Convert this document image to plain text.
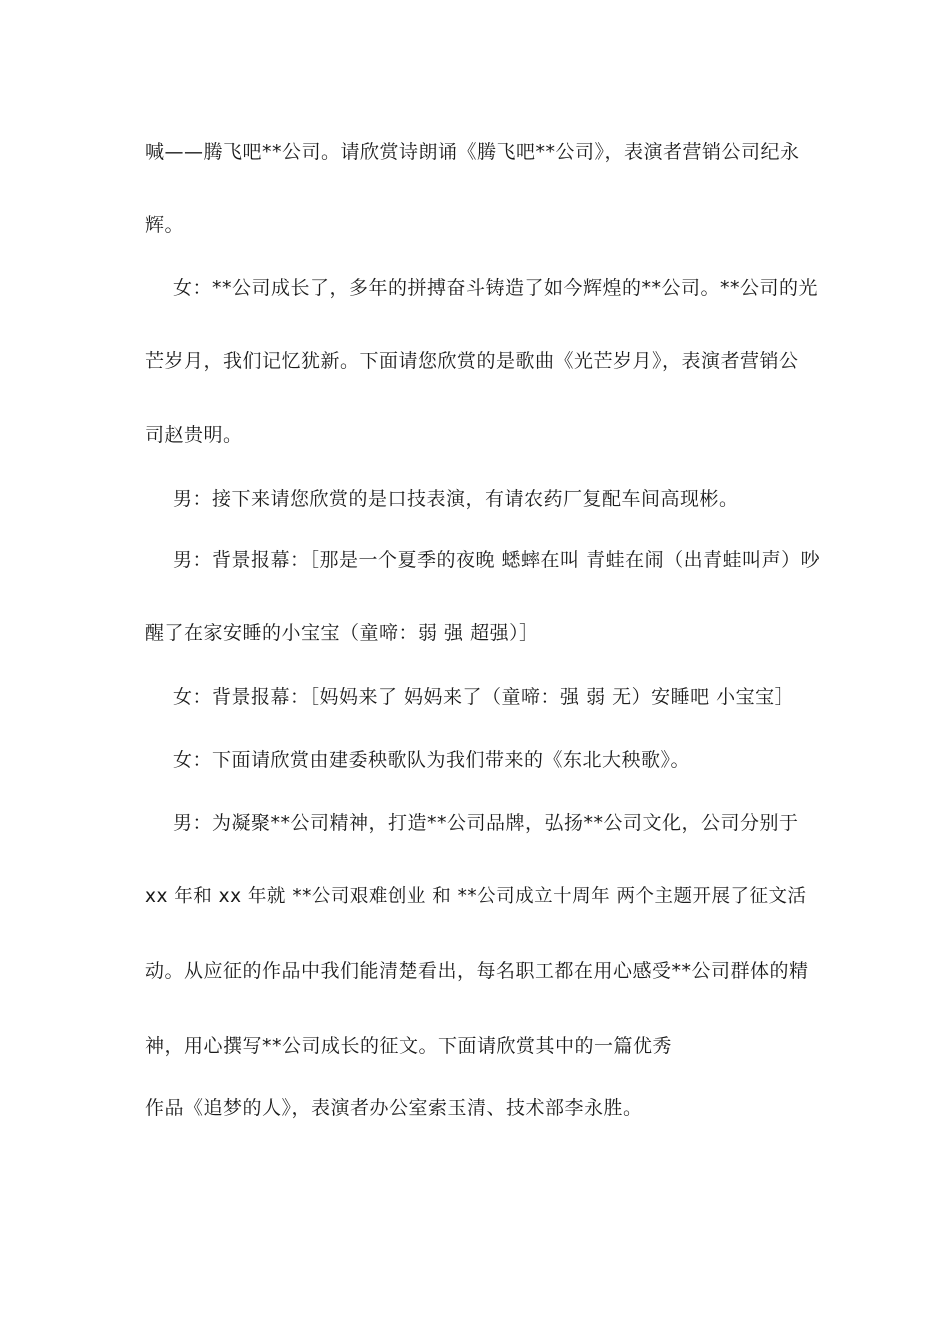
喊——腾飞吧**公司。请欣赏诗朗诵《腾飞吧**公司》，表演者营销公司纪永
辉。
女：**公司成长了，多年的拼搏奋斗铸造了如今辉煌的**公司。**公司的光
芒岁月，我们记忆犹新。下面请您欣赏的是歌曲《光芒岁月》，表演者营销公
司赵贵明。
男：接下来请您欣赏的是口技表演，有请农药厂复配车间高现彬。
男：背景报幕：［那是一个夏季的夜晚 蟋蟀在叫 青蛙在闹（出青蛙叫声）吵
醒了在家安睡的小宝宝（童啼：弱 强 超强）］
女：背景报幕：［妈妈来了 妈妈来了（童啼：强 弱 无）安睡吧 小宝宝］
女：下面请欣赏由建委秧歌队为我们带来的《东北大秧歌》。
男：为凝聚**公司精神，打造**公司品牌，弘扬**公司文化，公司分别于
xx 年和 xx 年就 **公司艰难创业 和 **公司成立十周年 两个主题开展了征文活
动。从应征的作品中我们能清楚看出，每名职工都在用心感受**公司群体的精
神，用心撰写**公司成长的征文。下面请欣赏其中的一篇优秀
作品《追梦的人》，表演者办公室索玉清、技术部李永胜。
